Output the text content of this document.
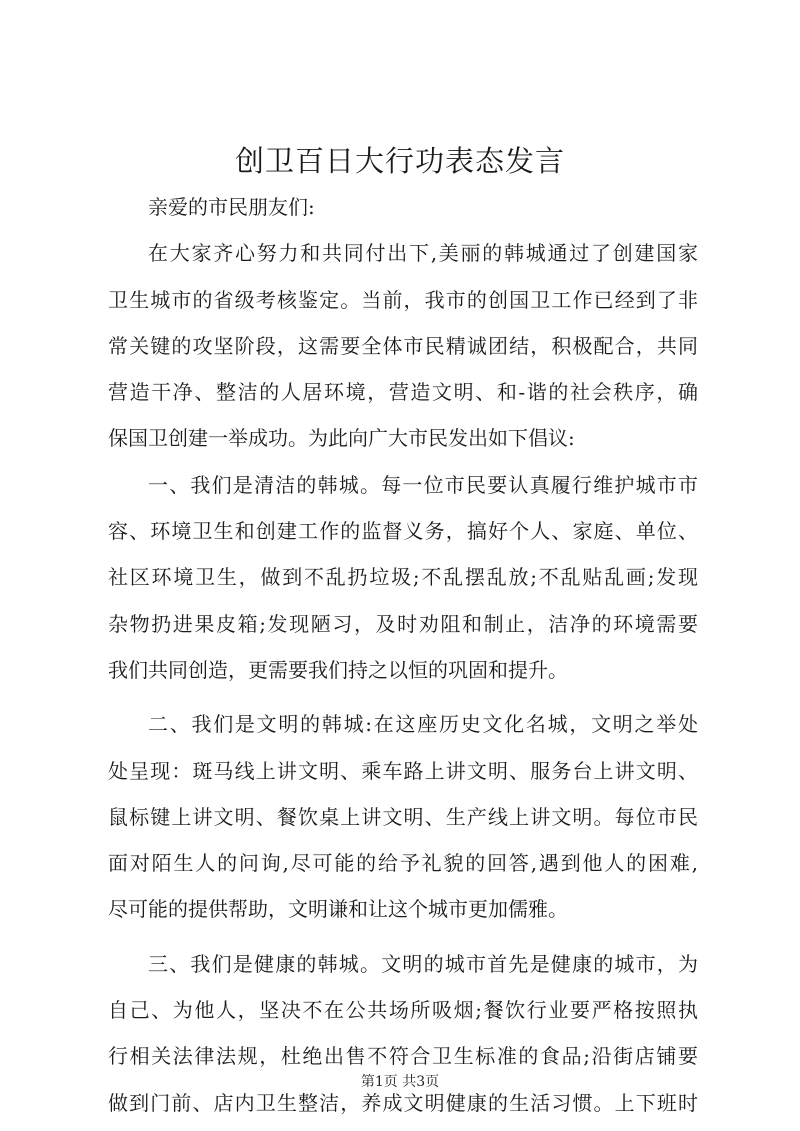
创卫百日大行功表态发言
亲爱的市民朋友们:
在大家齐心努力和共同付出下,美丽的韩城通过了创建国家
卫生城市的省级考核鉴定。当前，我市的创国卫工作已经到了非
常关键的攻坚阶段，这需要全体市民精诚团结，积极配合，共同
营造干净、整洁的人居环境，营造文明、和-谐的社会秩序，确
保国卫创建一举成功。为此向广大市民发出如下倡议:
一、我们是清洁的韩城。每一位市民要认真履行维护城市市
容、环境卫生和创建工作的监督义务，搞好个人、家庭、单位、
社区环境卫生，做到不乱扔垃圾;不乱摆乱放;不乱贴乱画;发现
杂物扔进果皮箱;发现陋习，及时劝阻和制止，洁净的环境需要
我们共同创造，更需要我们持之以恒的巩固和提升。
二、我们是文明的韩城:在这座历史文化名城，文明之举处
处呈现：斑马线上讲文明、乘车路上讲文明、服务台上讲文明、
鼠标键上讲文明、餐饮桌上讲文明、生产线上讲文明。每位市民
面对陌生人的问询,尽可能的给予礼貌的回答,遇到他人的困难,
尽可能的提供帮助，文明谦和让这个城市更加儒雅。
三、我们是健康的韩城。文明的城市首先是健康的城市，为
自己、为他人，坚决不在公共场所吸烟;餐饮行业要严格按照执
行相关法律法规，杜绝出售不符合卫生标准的食品;沿街店铺要
做到门前、店内卫生整洁，养成文明健康的生活习惯。上下班时
第1页 共3页
